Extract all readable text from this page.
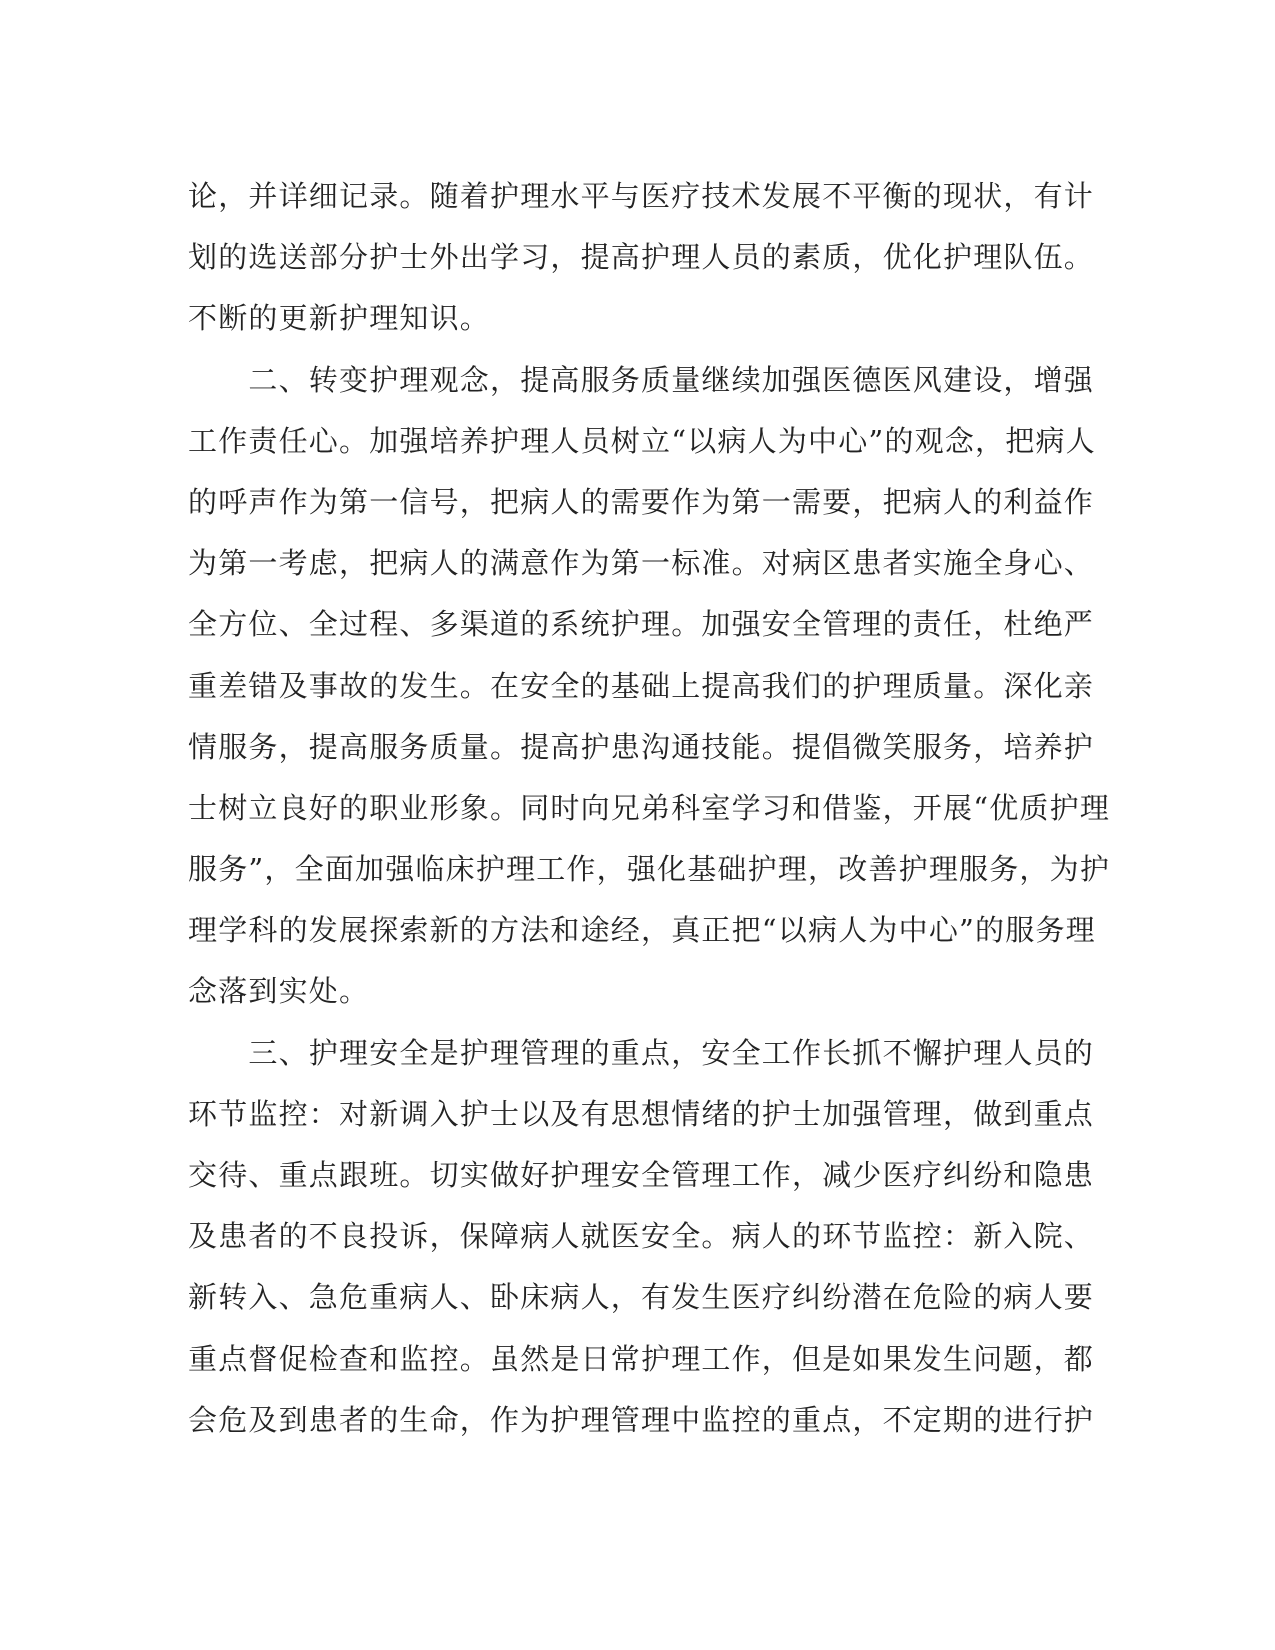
论，并详细记录。随着护理水平与医疗技术发展不平衡的现状，有计
划的选送部分护士外出学习，提高护理人员的素质，优化护理队伍。
不断的更新护理知识。
　　二、转变护理观念，提高服务质量继续加强医德医风建设，增强
工作责任心。加强培养护理人员树立“以病人为中心”的观念，把病人
的呼声作为第一信号，把病人的需要作为第一需要，把病人的利益作
为第一考虑，把病人的满意作为第一标准。对病区患者实施全身心、
全方位、全过程、多渠道的系统护理。加强安全管理的责任，杜绝严
重差错及事故的发生。在安全的基础上提高我们的护理质量。深化亲
情服务，提高服务质量。提高护患沟通技能。提倡微笑服务，培养护
士树立良好的职业形象。同时向兄弟科室学习和借鉴，开展“优质护理
服务”，全面加强临床护理工作，强化基础护理，改善护理服务，为护
理学科的发展探索新的方法和途经，真正把“以病人为中心”的服务理
念落到实处。
　　三、护理安全是护理管理的重点，安全工作长抓不懈护理人员的
环节监控：对新调入护士以及有思想情绪的护士加强管理，做到重点
交待、重点跟班。切实做好护理安全管理工作，减少医疗纠纷和隐患
及患者的不良投诉，保障病人就医安全。病人的环节监控：新入院、
新转入、急危重病人、卧床病人，有发生医疗纠纷潜在危险的病人要
重点督促检查和监控。虽然是日常护理工作，但是如果发生问题，都
会危及到患者的生命，作为护理管理中监控的重点，不定期的进行护
